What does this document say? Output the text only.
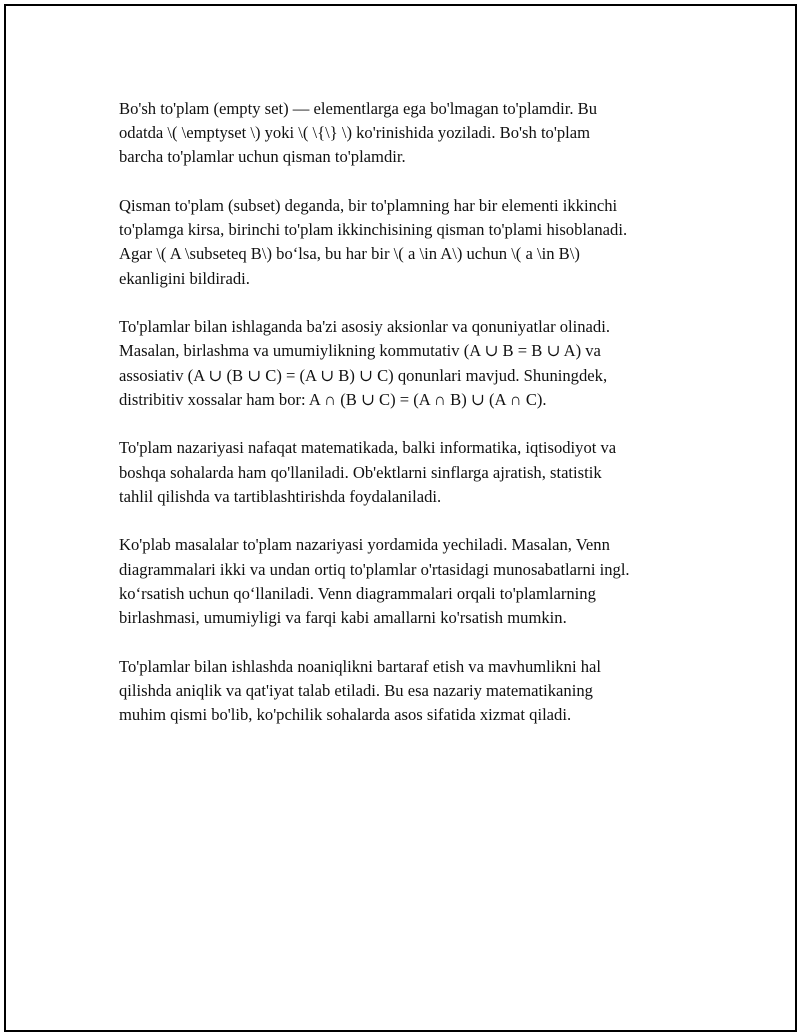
Bo'sh to'plam (empty set) — elementlarga ega bo'lmagan to'plamdir. Bu
odatda \( \emptyset \) yoki \( \{\} \) ko'rinishida yoziladi. Bo'sh to'plam
barcha to'plamlar uchun qisman to'plamdir.

Qisman to'plam (subset) deganda, bir to'plamning har bir elementi ikkinchi
to'plamga kirsa, birinchi to'plam ikkinchisining qisman to'plami hisoblanadi.
Agar \( A \subseteq B\) bo‘lsa, bu har bir \( a \in A\) uchun \( a \in B\)
ekanligini bildiradi.

To'plamlar bilan ishlaganda ba'zi asosiy aksionlar va qonuniyatlar olinadi.
Masalan, birlashma va umumiylikning kommutativ (A ∪ B = B ∪ A) va
assosiativ (A ∪ (B ∪ C) = (A ∪ B) ∪ C) qonunlari mavjud. Shuningdek,
distribitiv xossalar ham bor: A ∩ (B ∪ C) = (A ∩ B) ∪ (A ∩ C).

To'plam nazariyasi nafaqat matematikada, balki informatika, iqtisodiyot va
boshqa sohalarda ham qo'llaniladi. Ob'ektlarni sinflarga ajratish, statistik
tahlil qilishda va tartiblashtirishda foydalaniladi.

Ko'plab masalalar to'plam nazariyasi yordamida yechiladi. Masalan, Venn
diagrammalari ikki va undan ortiq to'plamlar o'rtasidagi munosabatlarni ingl.
ko‘rsatish uchun qo‘llaniladi. Venn diagrammalari orqali to'plamlarning
birlashmasi, umumiyligi va farqi kabi amallarni ko'rsatish mumkin.

To'plamlar bilan ishlashda noaniqlikni bartaraf etish va mavhumlikni hal
qilishda aniqlik va qat'iyat talab etiladi. Bu esa nazariy matematikaning
muhim qismi bo'lib, ko'pchilik sohalarda asos sifatida xizmat qiladi.
